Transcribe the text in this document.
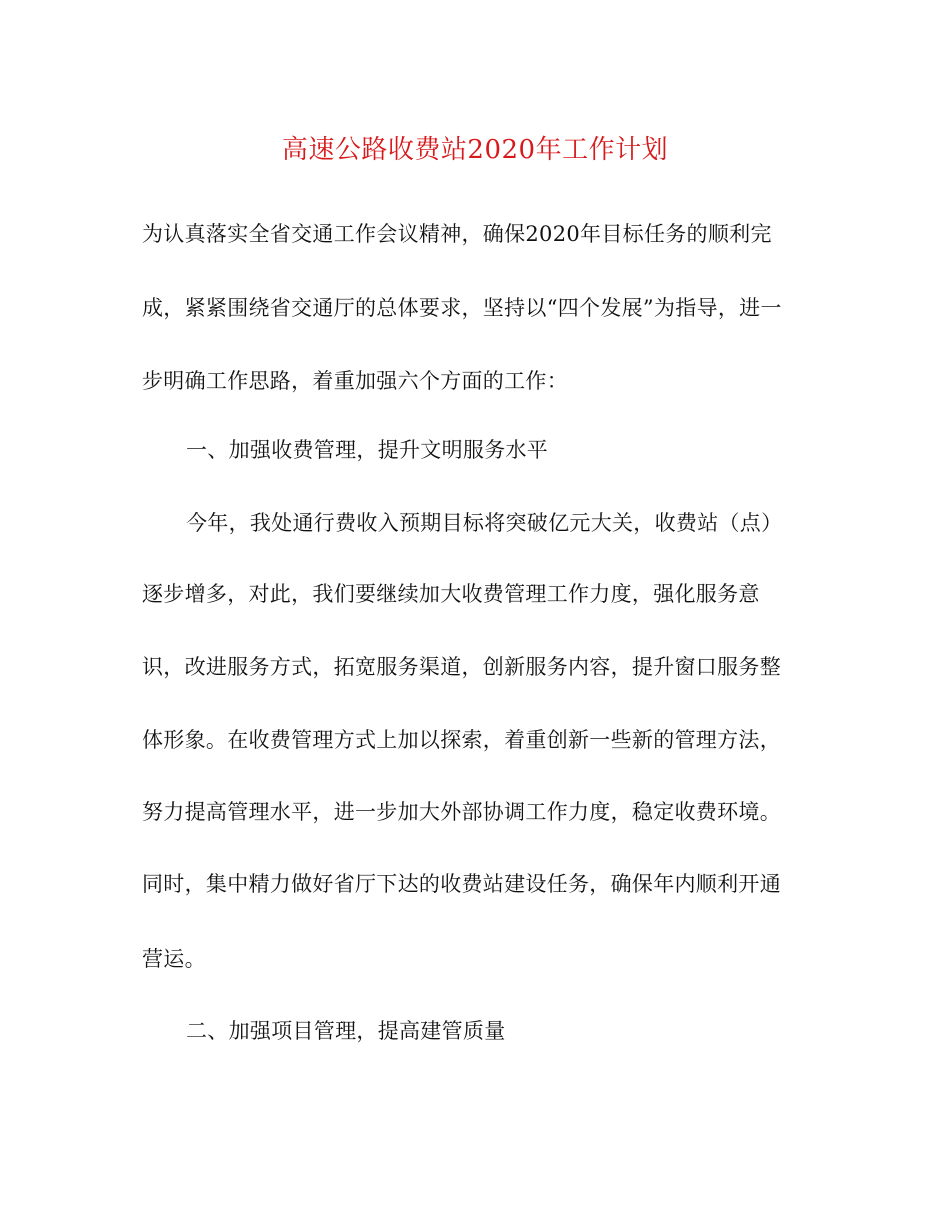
高速公路收费站2020年工作计划
为认真落实全省交通工作会议精神，确保2020年目标任务的顺利完
成，紧紧围绕省交通厅的总体要求，坚持以“四个发展”为指导，进一
步明确工作思路，着重加强六个方面的工作：
一、加强收费管理，提升文明服务水平
今年，我处通行费收入预期目标将突破亿元大关，收费站（点）
逐步增多，对此，我们要继续加大收费管理工作力度，强化服务意
识，改进服务方式，拓宽服务渠道，创新服务内容，提升窗口服务整
体形象。在收费管理方式上加以探索，着重创新一些新的管理方法，
努力提高管理水平，进一步加大外部协调工作力度，稳定收费环境。
同时，集中精力做好省厅下达的收费站建设任务，确保年内顺利开通
营运。
二、加强项目管理，提高建管质量
